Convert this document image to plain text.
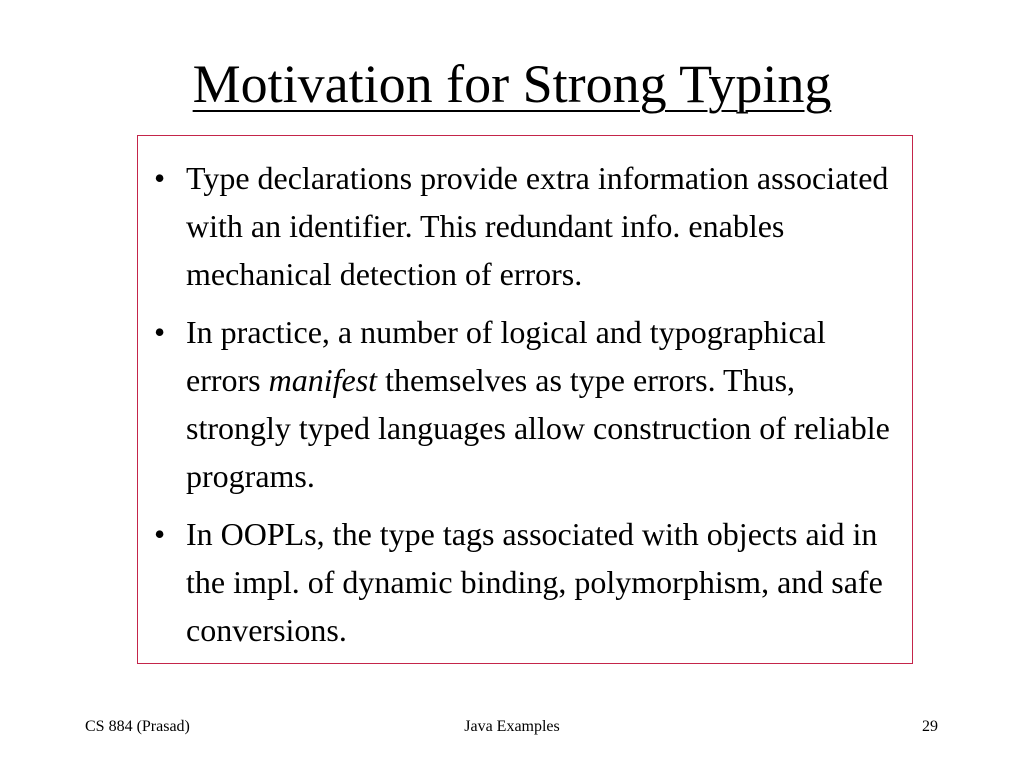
Motivation for Strong Typing
• Type declarations provide extra information associated with an identifier. This redundant info. enables mechanical detection of errors.
• In practice, a number of logical and typographical errors manifest themselves as type errors. Thus, strongly typed languages allow construction of reliable programs.
• In OOPLs, the type tags associated with objects aid in the impl. of dynamic binding, polymorphism, and safe conversions.
CS 884 (Prasad)	Java Examples	29
